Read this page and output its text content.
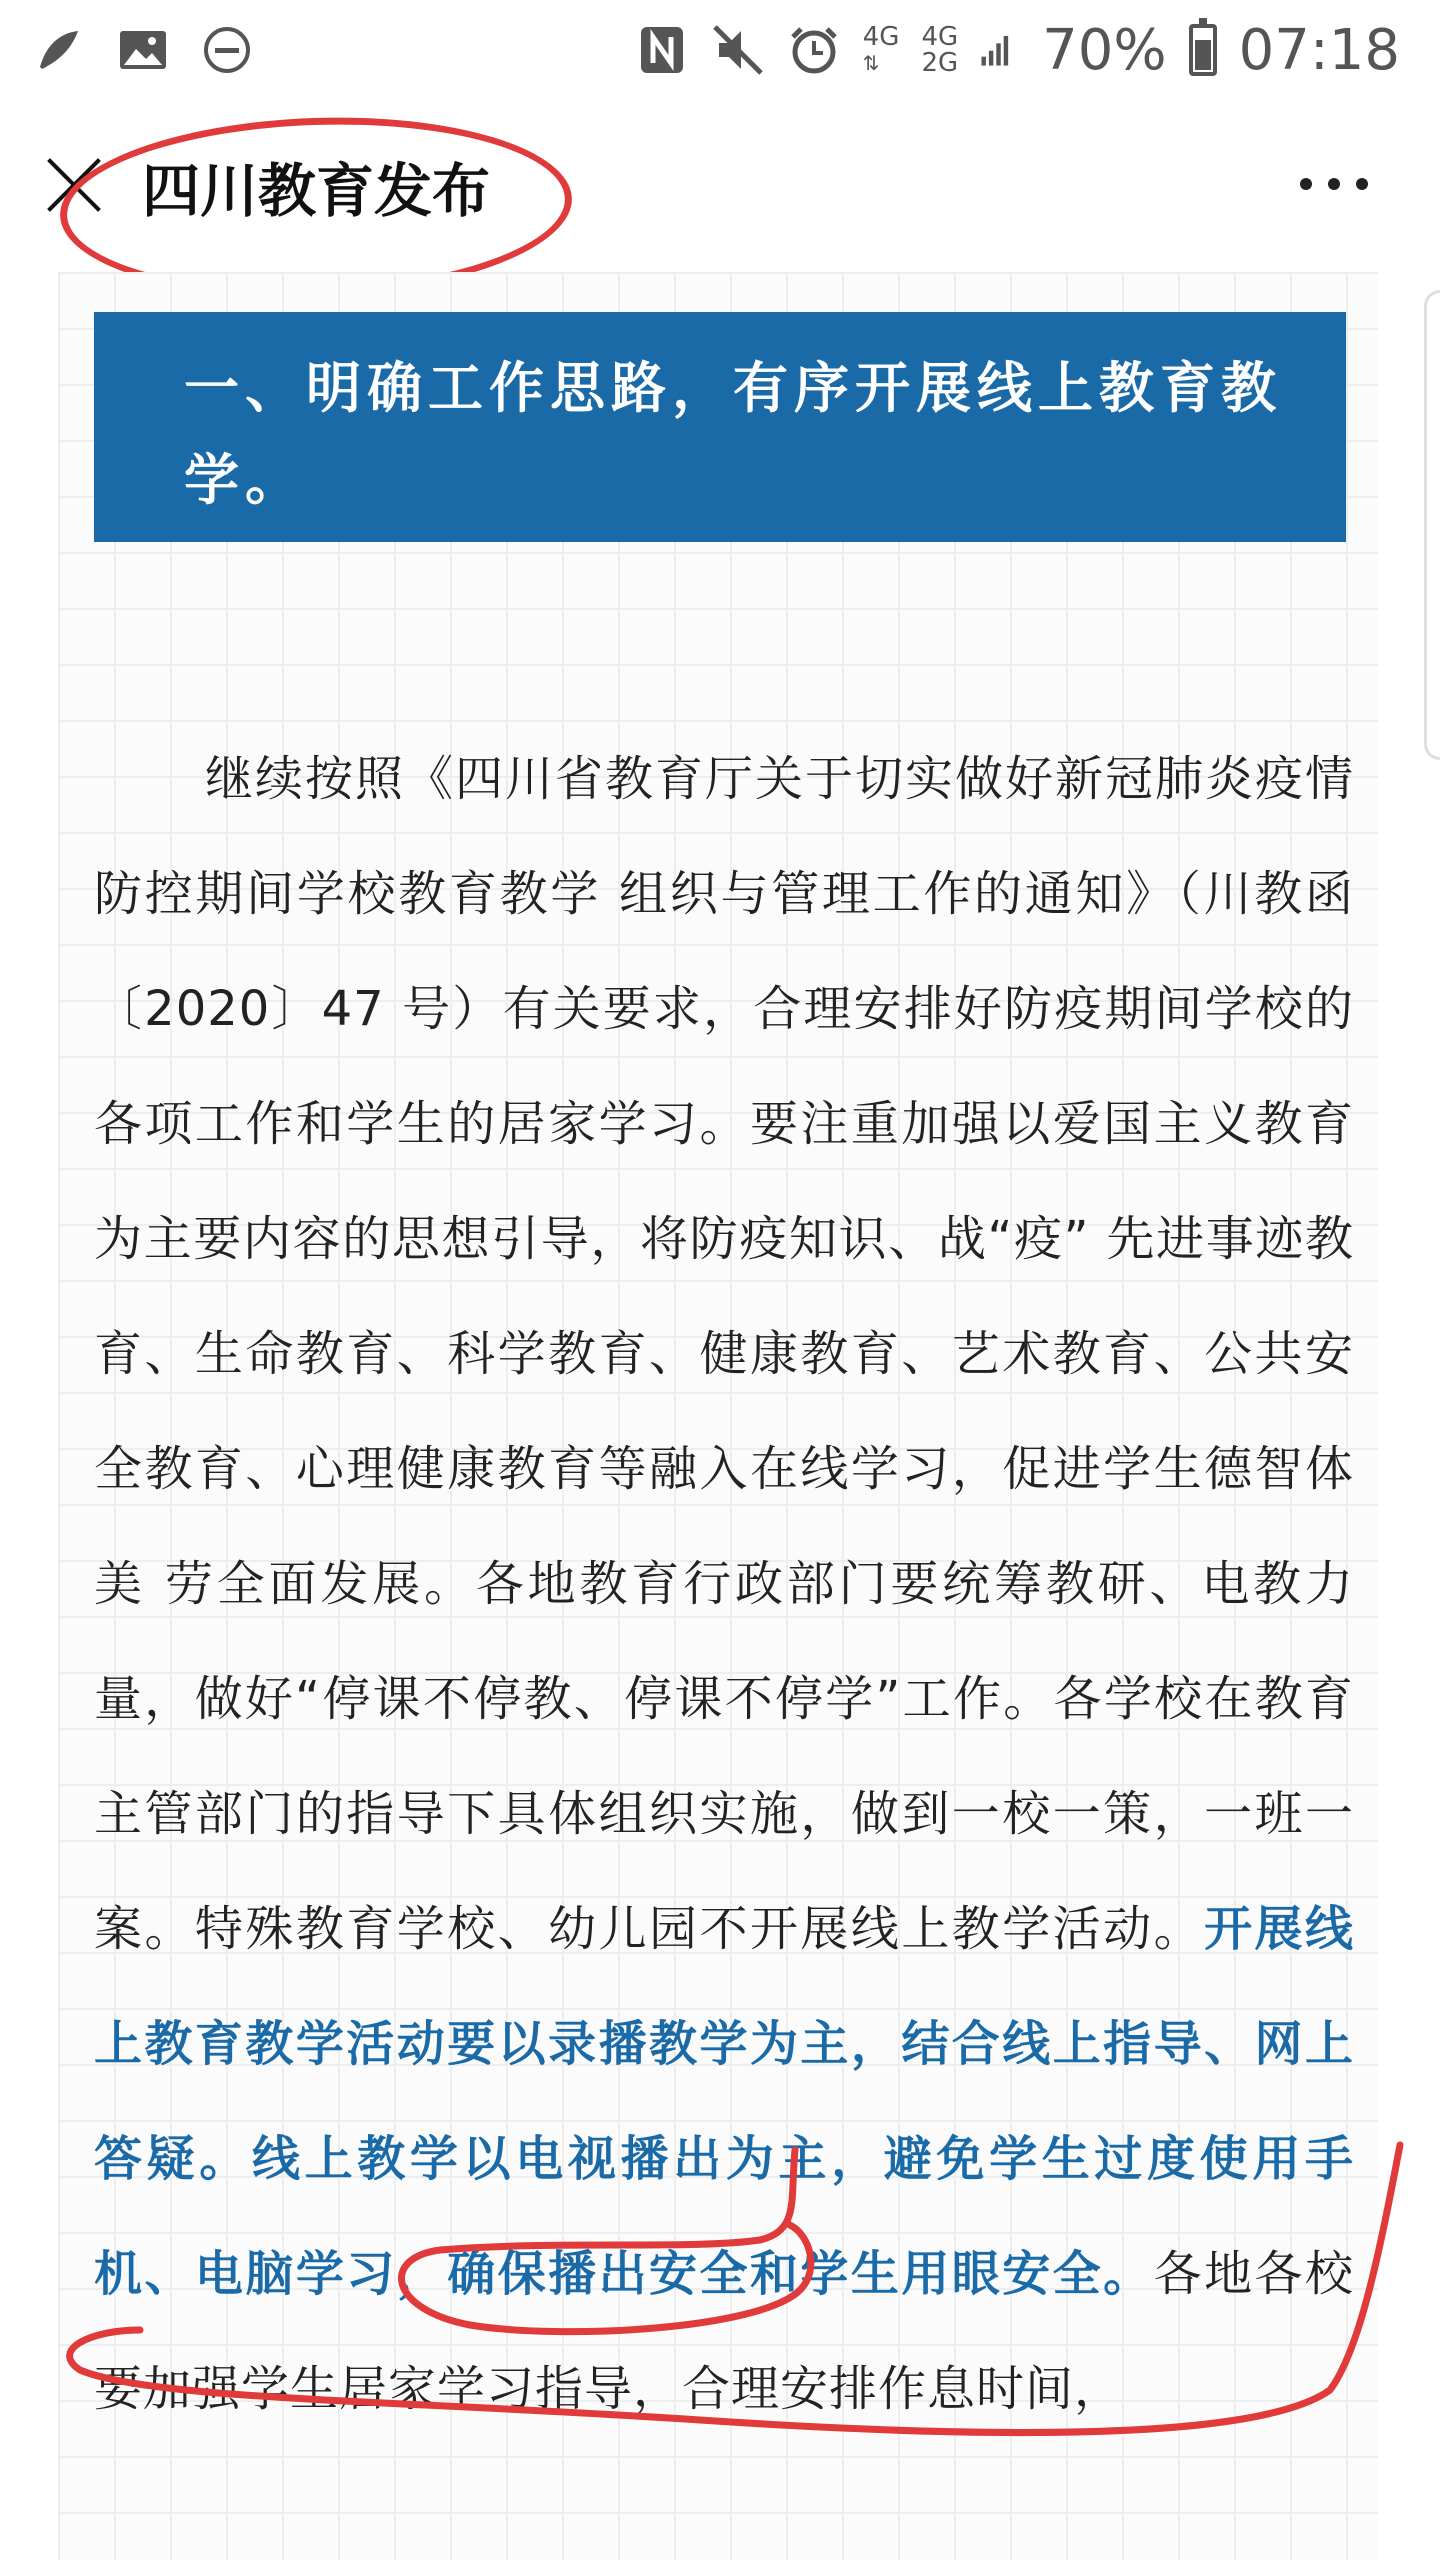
4G
⇅
4G
2G 70% 07:18
四川教育发布
一、明确工作思路，有序开展线上教育教学。
继续按照《四川省教育厅关于切实做好新冠肺炎疫情防控期间学校教育教学 组织与管理工作的通知》（川教函〔2020〕47 号）有关要求，合理安排好防疫期间学校的各项工作和学生的居家学习。要注重加强以爱国主义教育为主要内容的思想引导，将防疫知识、战“疫” 先进事迹教育、生命教育、科学教育、健康教育、艺术教育、公共安全教育、心理健康教育等融入在线学习，促进学生德智体美 劳全面发展。各地教育行政部门要统筹教研、电教力量，做好“停课不停教、停课不停学”工作。各学校在教育主管部门的指导下具体组织实施，做到一校一策，一班一案。特殊教育学校、幼儿园不开展线上教学活动。开展线上教育教学活动要以录播教学为主，结合线上指导、网上答疑。线上教学以电视播出为主，避免学生过度使用手机、电脑学习，确保播出安全和学生用眼安全。各地各校要加强学生居家学习指导，合理安排作息时间，
